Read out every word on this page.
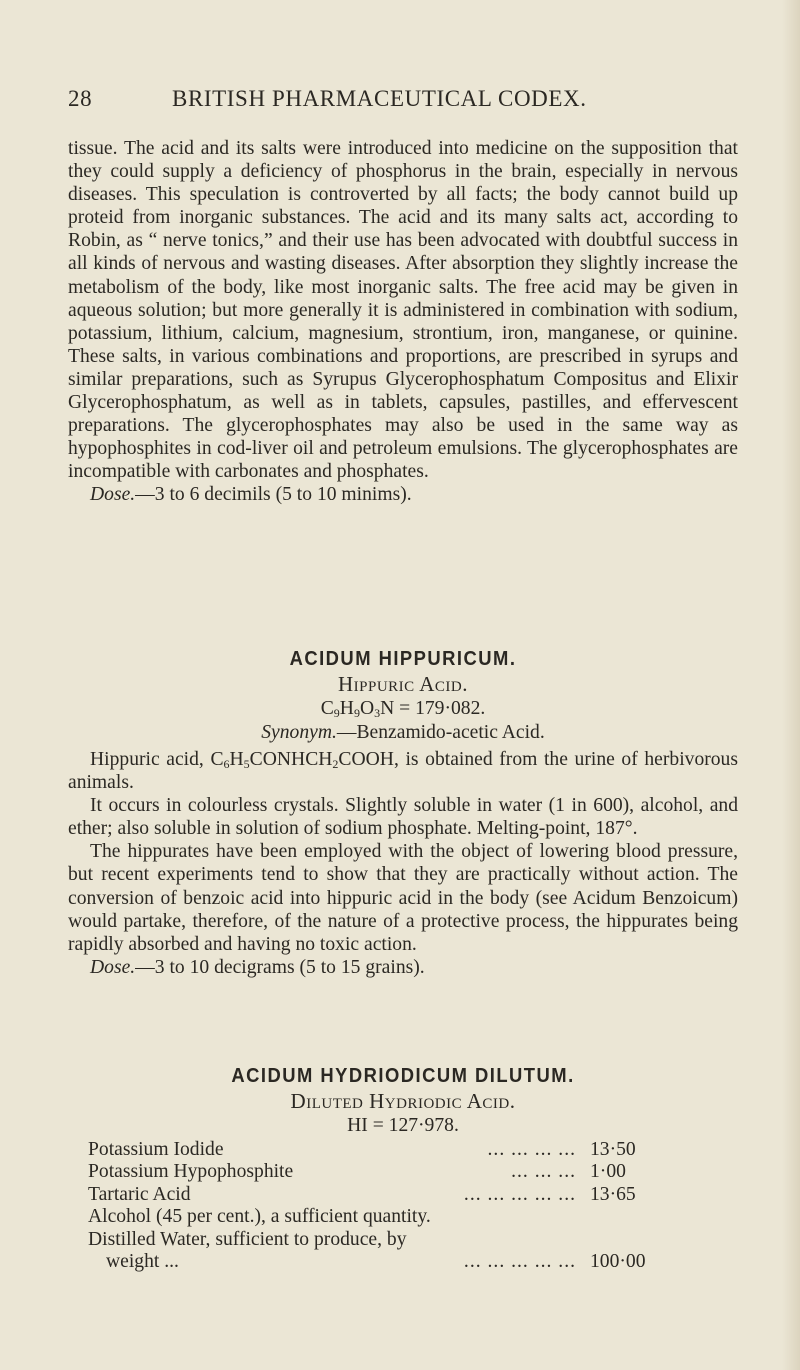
28	BRITISH PHARMACEUTICAL CODEX.

tissue. The acid and its salts were introduced into medicine on the supposition that they could supply a deficiency of phosphorus in the brain, especially in nervous diseases. This speculation is controverted by all facts; the body cannot build up proteid from inorganic substances. The acid and its many salts act, according to Robin, as “ nerve tonics,” and their use has been advocated with doubtful success in all kinds of nervous and wasting diseases. After absorption they slightly increase the metabolism of the body, like most inorganic salts. The free acid may be given in aqueous solution; but more generally it is administered in combination with sodium, potassium, lithium, calcium, magnesium, strontium, iron, manganese, or quinine. These salts, in various combinations and proportions, are prescribed in syrups and similar preparations, such as Syrupus Glycerophosphatum Compositus and Elixir Glycerophosphatum, as well as in tablets, capsules, pastilles, and effervescent preparations. The glycerophosphates may also be used in the same way as hypophosphites in cod-liver oil and petroleum emulsions. The glycerophosphates are incompatible with carbonates and phosphates.

Dose.—3 to 6 decimils (5 to 10 minims).

ACIDUM HIPPURICUM.
Hippuric Acid.
$C_9H_9O_3N = 179\cdot 082$.
Synonym.—Benzamido-acetic Acid.

Hippuric acid, $C_6H_5CONHCH_2COOH$, is obtained from the urine of herbivorous animals.

It occurs in colourless crystals. Slightly soluble in water (1 in 600), alcohol, and ether; also soluble in solution of sodium phosphate. Melting-point, 187°.

The hippurates have been employed with the object of lowering blood pressure, but recent experiments tend to show that they are practically without action. The conversion of benzoic acid into hippuric acid in the body (see Acidum Benzoicum) would partake, therefore, of the nature of a protective process, the hippurates being rapidly absorbed and having no toxic action.

Dose.—3 to 10 decigrams (5 to 15 grains).

ACIDUM HYDRIODICUM DILUTUM.
Diluted Hydriodic Acid.
HI = 127·978.
Potassium Iodide	... ... ... ... 13·50
Potassium Hypophosphite	... ... ... 1·00
Tartaric Acid	... ... ... ... ... 13·65
Alcohol (45 per cent.), a sufficient quantity.
Distilled Water, sufficient to produce, by
weight ...	... ... ... ... ... 100·00
